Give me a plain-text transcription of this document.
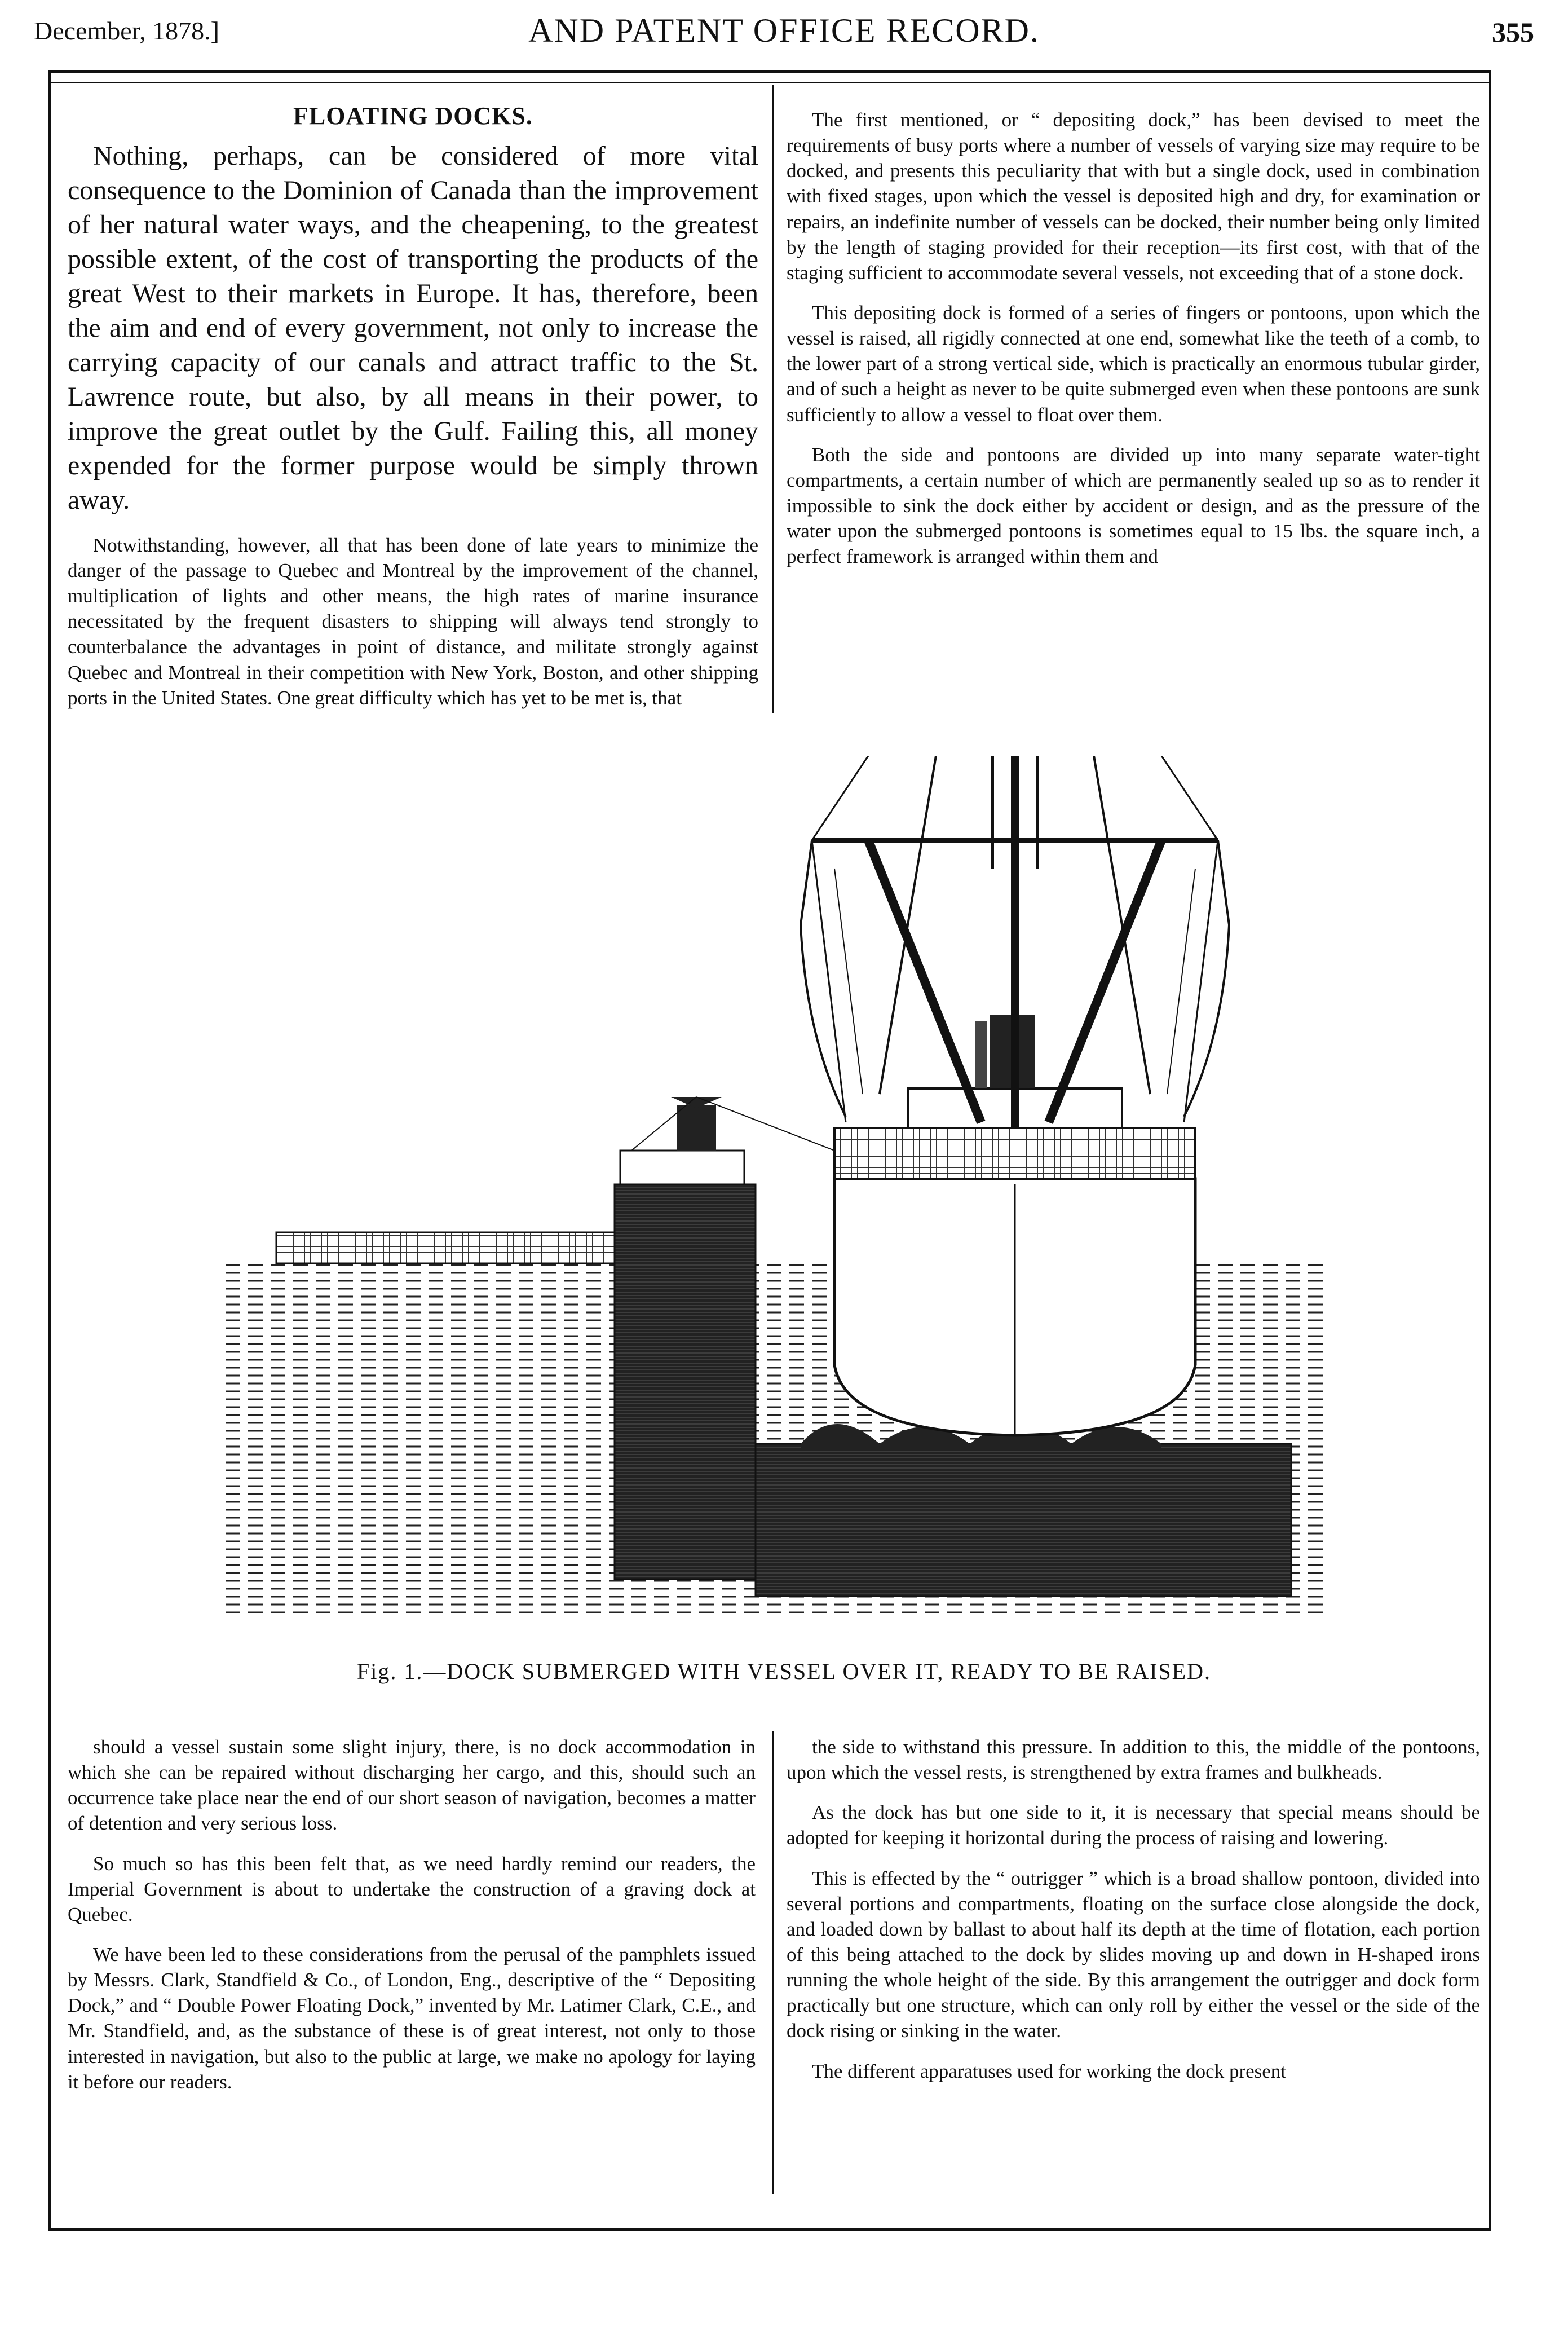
December, 1878.]	AND PATENT OFFICE RECORD.	355
FLOATING DOCKS.

Nothing, perhaps, can be considered of more vital consequence to the Dominion of Canada than the improvement of her natural water ways, and the cheapening, to the greatest possible extent, of the cost of transporting the products of the great West to their markets in Europe. It has, therefore, been the aim and end of every government, not only to increase the carrying capacity of our canals and attract traffic to the St. Lawrence route, but also, by all means in their power, to improve the great outlet by the Gulf. Failing this, all money expended for the former purpose would be simply thrown away.

Notwithstanding, however, all that has been done of late years to minimize the danger of the passage to Quebec and Montreal by the improvement of the channel, multiplication of lights and other means, the high rates of marine insurance necessitated by the frequent disasters to shipping will always tend strongly to counterbalance the advantages in point of distance, and militate strongly against Quebec and Montreal in their competition with New York, Boston, and other shipping ports in the United States. One great difficulty which has yet to be met is, that

The first mentioned, or “ depositing dock,” has been devised to meet the requirements of busy ports where a number of vessels of varying size may require to be docked, and presents this peculiarity that with but a single dock, used in combination with fixed stages, upon which the vessel is deposited high and dry, for examination or repairs, an indefinite number of vessels can be docked, their number being only limited by the length of staging provided for their reception—its first cost, with that of the staging sufficient to accommodate several vessels, not exceeding that of a stone dock.

This depositing dock is formed of a series of fingers or pontoons, upon which the vessel is raised, all rigidly connected at one end, somewhat like the teeth of a comb, to the lower part of a strong vertical side, which is practically an enormous tubular girder, and of such a height as never to be quite submerged even when these pontoons are sunk sufficiently to allow a vessel to float over them.

Both the side and pontoons are divided up into many separate water-tight compartments, a certain number of which are permanently sealed up so as to render it impossible to sink the dock either by accident or design, and as the pressure of the water upon the submerged pontoons is sometimes equal to 15 lbs. the square inch, a perfect framework is arranged within them and

Fig. 1.—DOCK SUBMERGED WITH VESSEL OVER IT, READY TO BE RAISED.

should a vessel sustain some slight injury, there, is no dock accommodation in which she can be repaired without discharging her cargo, and this, should such an occurrence take place near the end of our short season of navigation, becomes a matter of detention and very serious loss.

So much so has this been felt that, as we need hardly remind our readers, the Imperial Government is about to undertake the construction of a graving dock at Quebec.

We have been led to these considerations from the perusal of the pamphlets issued by Messrs. Clark, Standfield & Co., of London, Eng., descriptive of the “ Depositing Dock,” and “ Double Power Floating Dock,” invented by Mr. Latimer Clark, C.E., and Mr. Standfield, and, as the substance of these is of great interest, not only to those interested in navigation, but also to the public at large, we make no apology for laying it before our readers.

the side to withstand this pressure. In addition to this, the middle of the pontoons, upon which the vessel rests, is strengthened by extra frames and bulkheads.

As the dock has but one side to it, it is necessary that special means should be adopted for keeping it horizontal during the process of raising and lowering.

This is effected by the “ outrigger ” which is a broad shallow pontoon, divided into several portions and compartments, floating on the surface close alongside the dock, and loaded down by ballast to about half its depth at the time of flotation, each portion of this being attached to the dock by slides moving up and down in H-shaped irons running the whole height of the side. By this arrangement the outrigger and dock form practically but one structure, which can only roll by either the vessel or the side of the dock rising or sinking in the water.

The different apparatuses used for working the dock present
